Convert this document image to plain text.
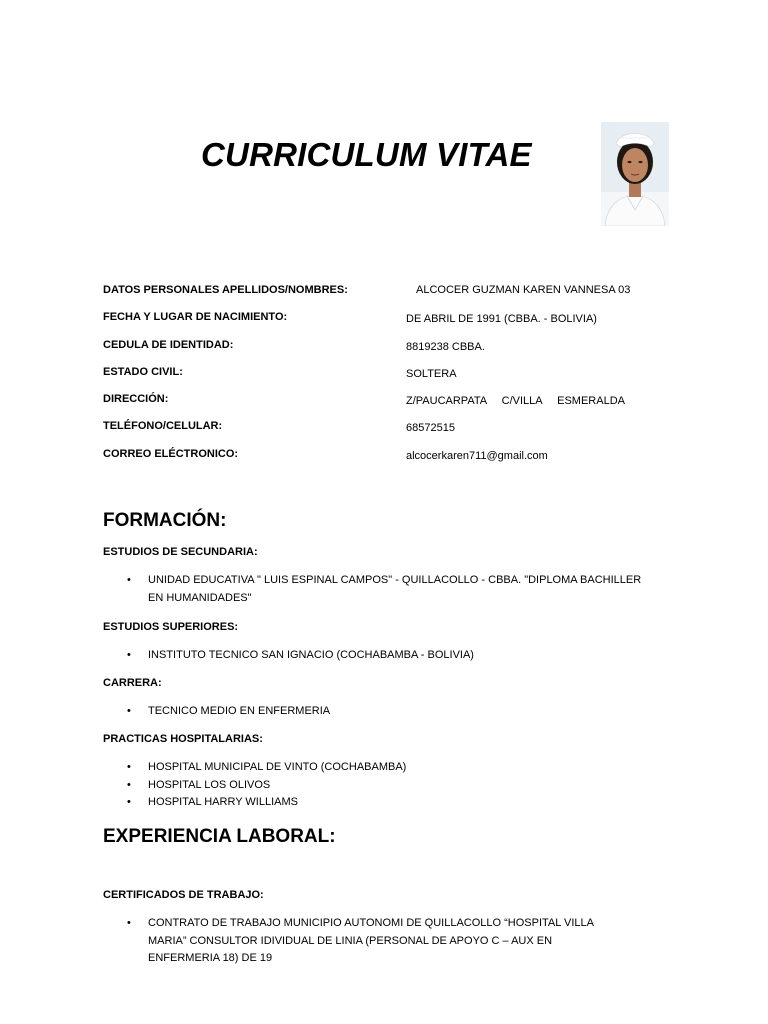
CURRICULUM VITAE
DATOS PERSONALES APELLIDOS/NOMBRES:	ALCOCER GUZMAN KAREN VANNESA 03
FECHA Y LUGAR DE NACIMIENTO:	DE ABRIL DE 1991 (CBBA. - BOLIVIA)
CEDULA DE IDENTIDAD:	8819238 CBBA.
ESTADO CIVIL:	SOLTERA
DIRECCIÓN:	Z/PAUCARPATA C/VILLA ESMERALDA
TELÉFONO/CELULAR:	68572515
CORREO ELÉCTRONICO:	alcocerkaren711@gmail.com
FORMACIÓN:
ESTUDIOS DE SECUNDARIA:
• UNIDAD EDUCATIVA " LUIS ESPINAL CAMPOS" - QUILLACOLLO - CBBA. "DIPLOMA BACHILLER EN HUMANIDADES"
ESTUDIOS SUPERIORES:
• INSTITUTO TECNICO SAN IGNACIO (COCHABAMBA - BOLIVIA)
CARRERA:
• TECNICO MEDIO EN ENFERMERIA
PRACTICAS HOSPITALARIAS:
• HOSPITAL MUNICIPAL DE VINTO (COCHABAMBA)
• HOSPITAL LOS OLIVOS
• HOSPITAL HARRY WILLIAMS
EXPERIENCIA LABORAL:
CERTIFICADOS DE TRABAJO:
• CONTRATO DE TRABAJO MUNICIPIO AUTONOMI DE QUILLACOLLO “HOSPITAL VILLA MARIA” CONSULTOR IDIVIDUAL DE LINIA (PERSONAL DE APOYO C – AUX EN ENFERMERIA 18) DE 19
